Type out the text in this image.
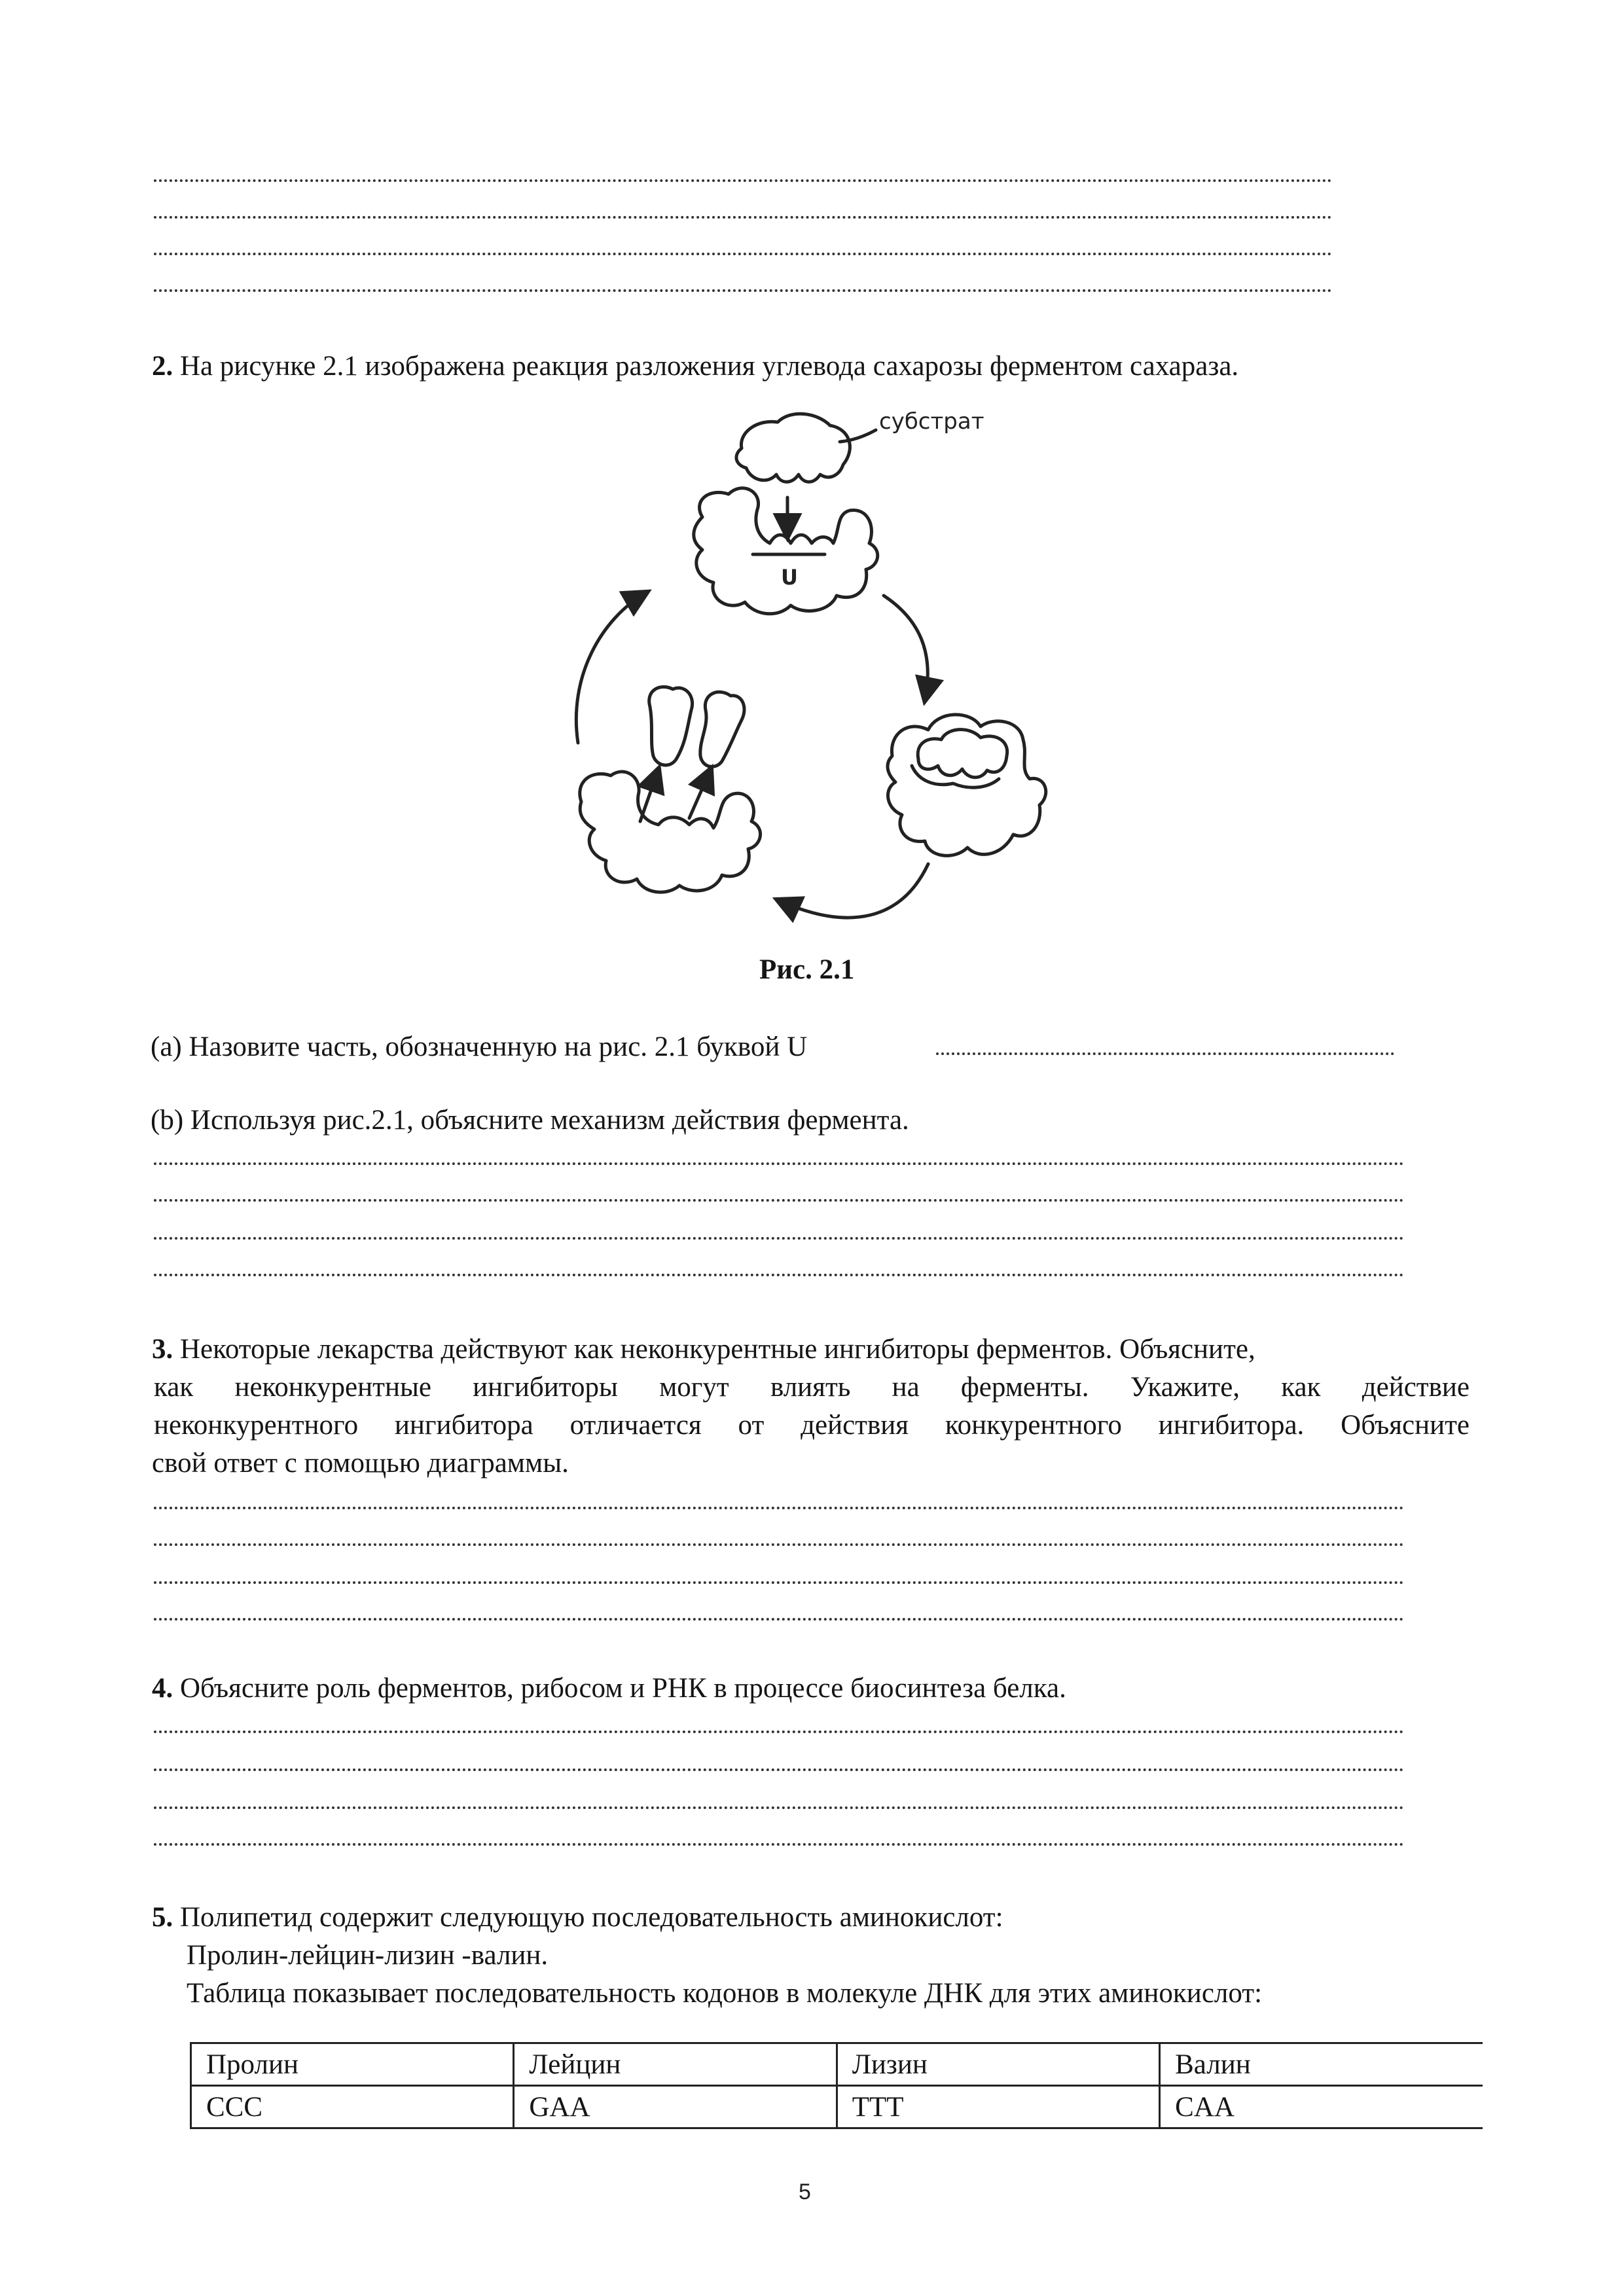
2. На рисунке 2.1 изображена реакция разложения углевода сахарозы ферментом сахараза.
субстрат
U
Рис. 2.1
(a) Назовите часть, обозначенную на рис. 2.1 буквой U
(b) Используя рис.2.1, объясните механизм действия фермента.
3. Некоторые лекарства действуют как неконкурентные ингибиторы ферментов. Объясните,
как неконкурентные ингибиторы могут влиять на ферменты. Укажите, как действие
неконкурентного ингибитора отличается от действия конкурентного ингибитора. Объясните
свой ответ с помощью диаграммы.
4. Объясните роль ферментов, рибосом и РНК в процессе биосинтеза белка.
5. Полипетид содержит следующую последовательность аминокислот:
Пролин-лейцин-лизин -валин.
Таблица показывает последовательность кодонов в молекуле ДНК для этих аминокислот:
Пролин	Лейцин	Лизин	Валин
CCC	GAA	TTT	CAA
5
